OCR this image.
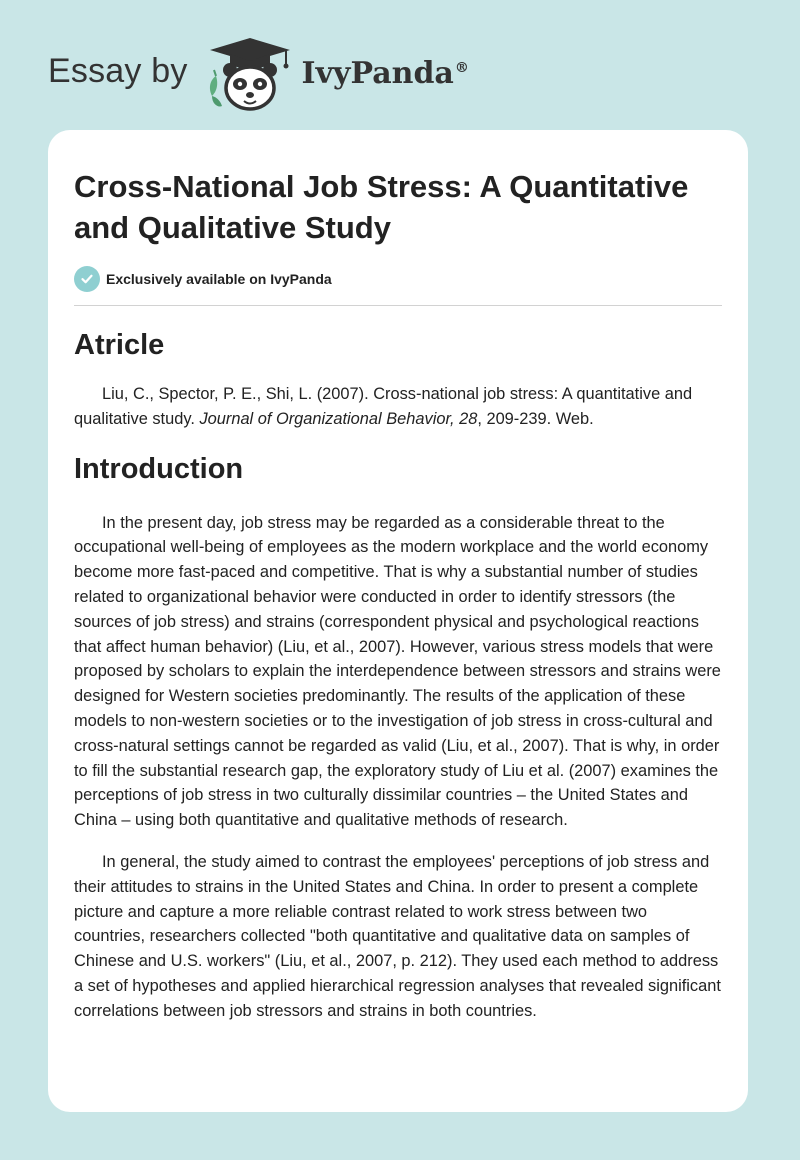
Essay by	IvyPanda®
Cross-National Job Stress: A Quantitative and Qualitative Study
Exclusively available on IvyPanda
Atricle

Liu, C., Spector, P. E., Shi, L. (2007). Cross-national job stress: A quantitative and qualitative study. Journal of Organizational Behavior, 28, 209-239. Web.

Introduction

In the present day, job stress may be regarded as a considerable threat to the occupational well-being of employees as the modern workplace and the world economy become more fast-paced and competitive. That is why a substantial number of studies related to organizational behavior were conducted in order to identify stressors (the sources of job stress) and strains (correspondent physical and psychological reactions that affect human behavior) (Liu, et al., 2007). However, various stress models that were proposed by scholars to explain the interdependence between stressors and strains were designed for Western societies predominantly. The results of the application of these models to non-western societies or to the investigation of job stress in cross-cultural and cross-natural settings cannot be regarded as valid (Liu, et al., 2007). That is why, in order to fill the substantial research gap, the exploratory study of Liu et al. (2007) examines the perceptions of job stress in two culturally dissimilar countries – the United States and China – using both quantitative and qualitative methods of research.

In general, the study aimed to contrast the employees' perceptions of job stress and their attitudes to strains in the United States and China. In order to present a complete picture and capture a more reliable contrast related to work stress between two countries, researchers collected "both quantitative and qualitative data on samples of Chinese and U.S. workers" (Liu, et al., 2007, p. 212). They used each method to address a set of hypotheses and applied hierarchical regression analyses that revealed significant correlations between job stressors and strains in both countries.
